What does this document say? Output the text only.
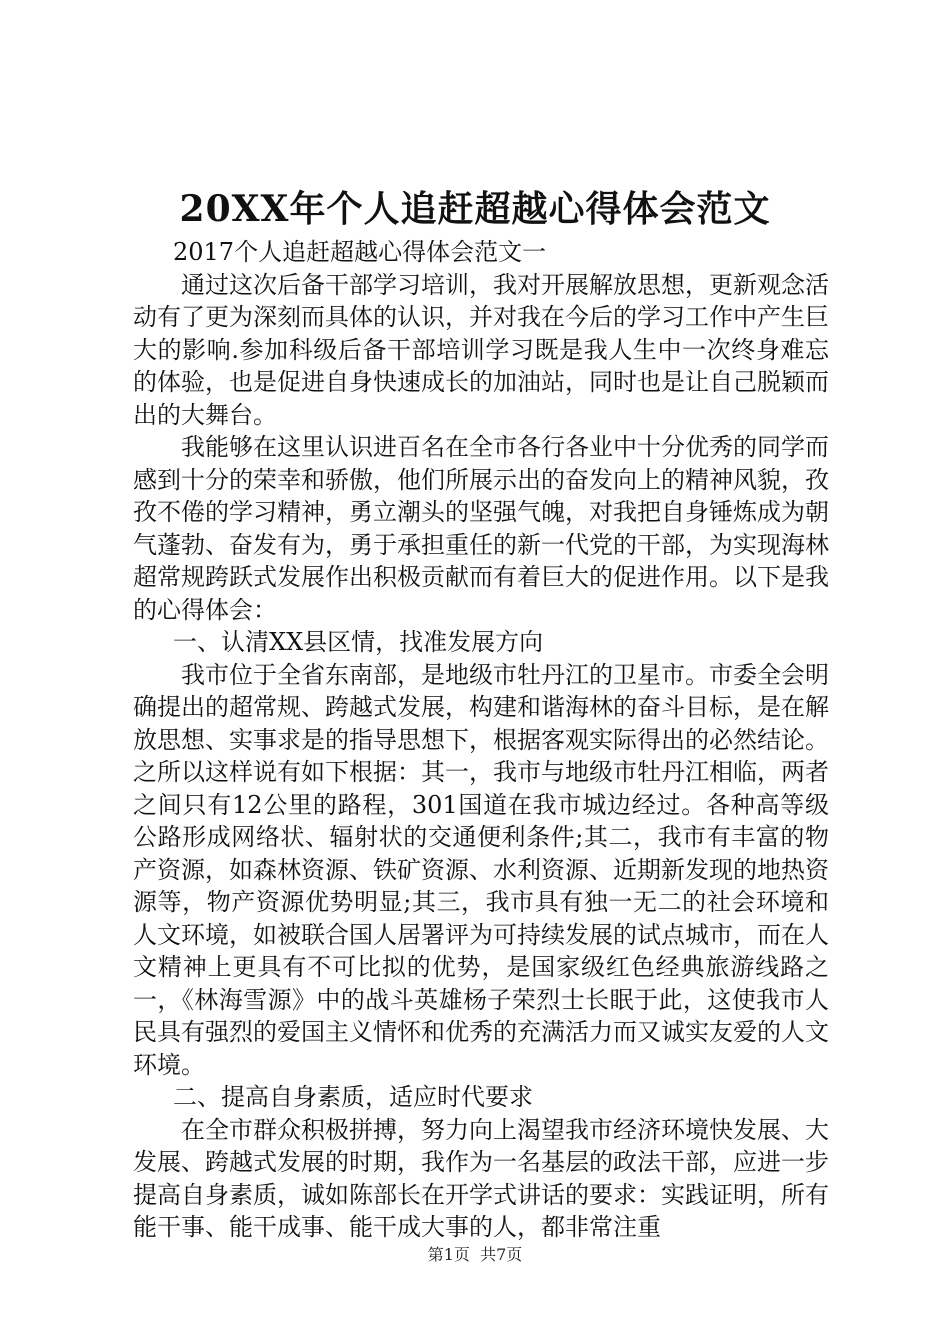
20XX年个人追赶超越心得体会范文

2017个人追赶超越心得体会范文一

通过这次后备干部学习培训，我对开展解放思想，更新观念活动有了更为深刻而具体的认识，并对我在今后的学习工作中产生巨大的影响.参加科级后备干部培训学习既是我人生中一次终身难忘的体验，也是促进自身快速成长的加油站，同时也是让自己脱颖而出的大舞台。

我能够在这里认识进百名在全市各行各业中十分优秀的同学而感到十分的荣幸和骄傲，他们所展示出的奋发向上的精神风貌，孜孜不倦的学习精神，勇立潮头的坚强气魄，对我把自身锤炼成为朝气蓬勃、奋发有为，勇于承担重任的新一代党的干部，为实现海林超常规跨跃式发展作出积极贡献而有着巨大的促进作用。以下是我的心得体会：

一、认清XX县区情，找准发展方向

我市位于全省东南部，是地级市牡丹江的卫星市。市委全会明确提出的超常规、跨越式发展，构建和谐海林的奋斗目标，是在解放思想、实事求是的指导思想下，根据客观实际得出的必然结论。之所以这样说有如下根据：其一，我市与地级市牡丹江相临，两者之间只有12公里的路程，301国道在我市城边经过。各种高等级公路形成网络状、辐射状的交通便利条件;其二，我市有丰富的物产资源，如森林资源、铁矿资源、水利资源、近期新发现的地热资源等，物产资源优势明显;其三，我市具有独一无二的社会环境和人文环境，如被联合国人居署评为可持续发展的试点城市，而在人文精神上更具有不可比拟的优势，是国家级红色经典旅游线路之一，《林海雪源》中的战斗英雄杨子荣烈士长眠于此，这使我市人民具有强烈的爱国主义情怀和优秀的充满活力而又诚实友爱的人文环境。

二、提高自身素质，适应时代要求

在全市群众积极拼搏，努力向上渴望我市经济环境快发展、大发展、跨越式发展的时期，我作为一名基层的政法干部，应进一步提高自身素质，诚如陈部长在开学式讲话的要求：实践证明，所有能干事、能干成事、能干成大事的人，都非常注重

第1页  共7页
